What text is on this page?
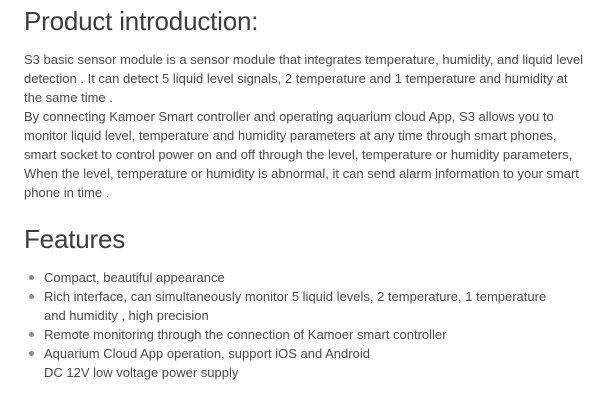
Product introduction:

S3 basic sensor module is a sensor module that integrates temperature, humidity, and liquid level detection . It can detect 5 liquid level signals, 2 temperature and 1 temperature and humidity at the same time .

By connecting Kamoer Smart controller and operating aquarium cloud App, S3 allows you to monitor liquid level, temperature and humidity parameters at any time through smart phones, smart socket to control power on and off through the level, temperature or humidity parameters, When the level, temperature or humidity is abnormal, it can send alarm information to your smart phone in time .

Features
Compact, beautiful appearance
Rich interface, can simultaneously monitor 5 liquid levels, 2 temperature, 1 temperature and humidity , high precision
Remote monitoring through the connection of Kamoer smart controller
Aquarium Cloud App operation, support iOS and Android
DC 12V low voltage power supply
